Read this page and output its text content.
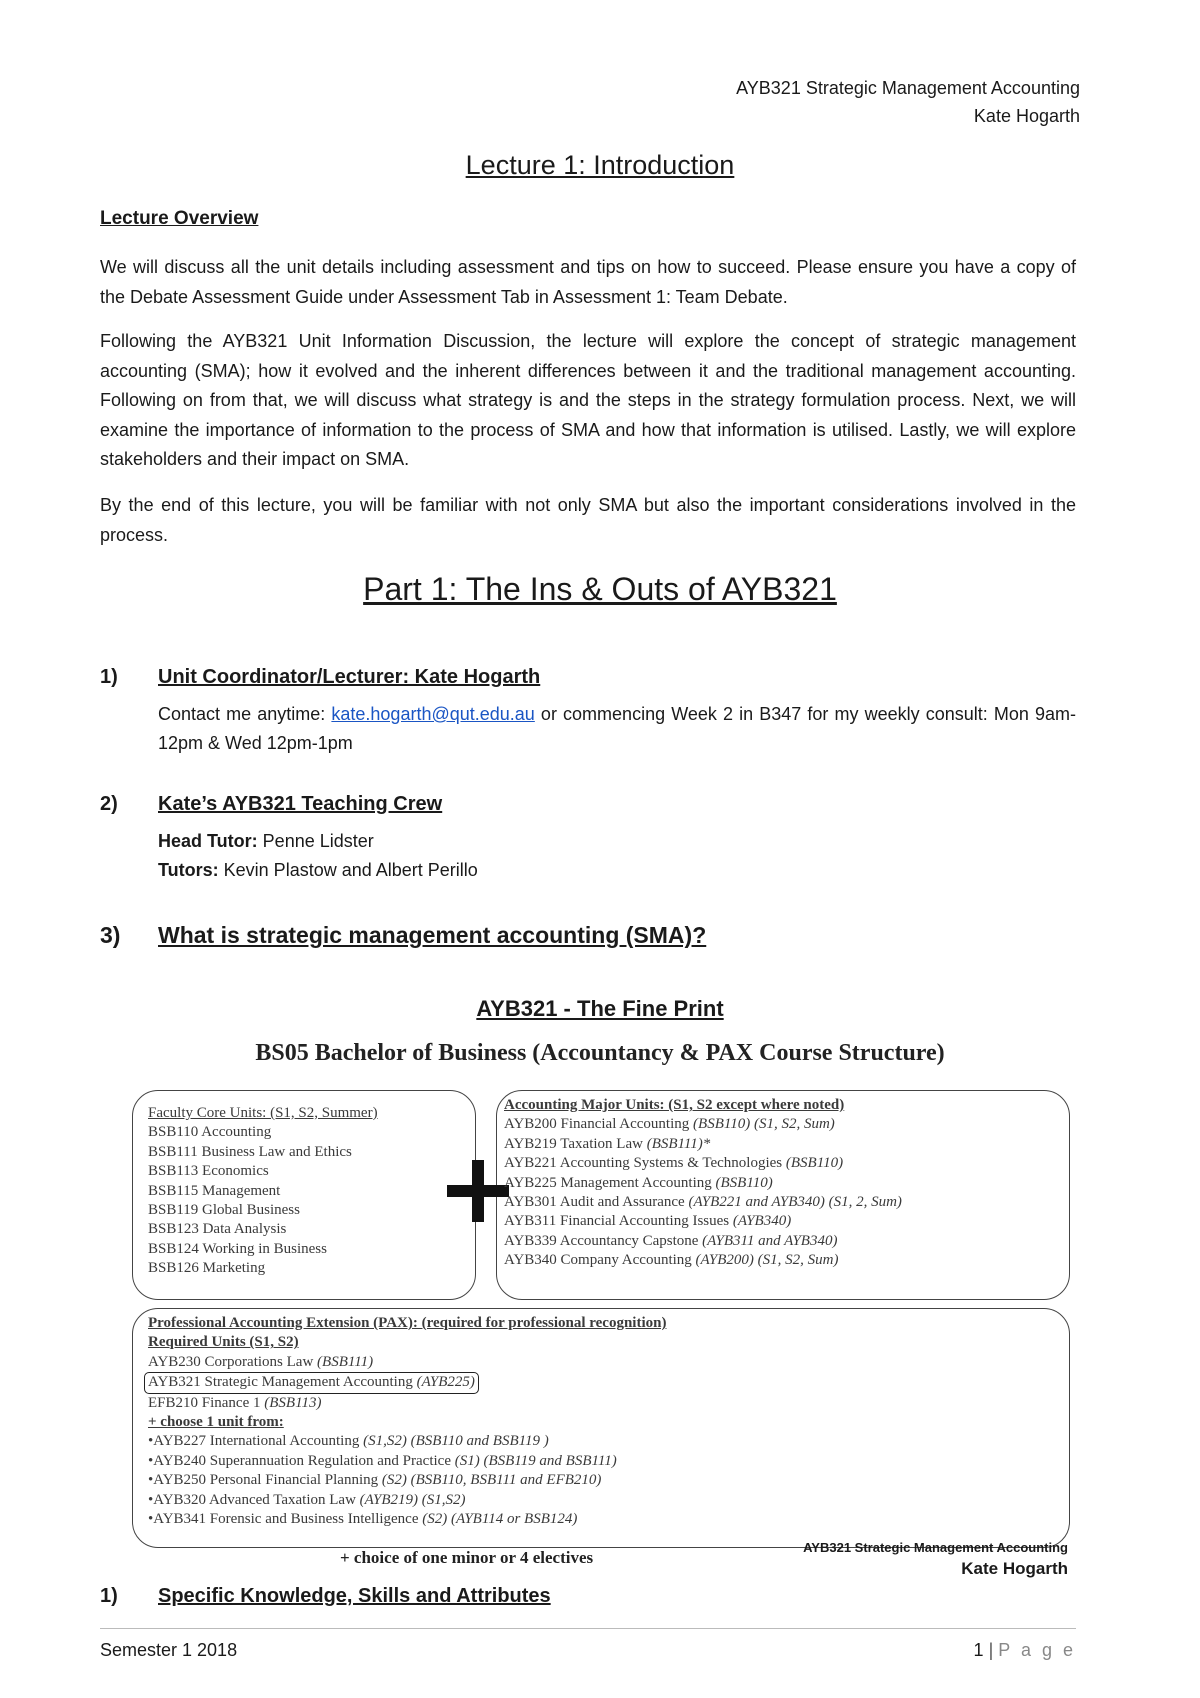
AYB321 Strategic Management Accounting
Kate Hogarth
Lecture 1: Introduction
Lecture Overview
We will discuss all the unit details including assessment and tips on how to succeed. Please ensure you have a copy of the Debate Assessment Guide under Assessment Tab in Assessment 1: Team Debate.
Following the AYB321 Unit Information Discussion, the lecture will explore the concept of strategic management accounting (SMA); how it evolved and the inherent differences between it and the traditional management accounting. Following on from that, we will discuss what strategy is and the steps in the strategy formulation process. Next, we will examine the importance of information to the process of SMA and how that information is utilised. Lastly, we will explore stakeholders and their impact on SMA.
By the end of this lecture, you will be familiar with not only SMA but also the important considerations involved in the process.
Part 1: The Ins & Outs of AYB321
1) Unit Coordinator/Lecturer: Kate Hogarth
Contact me anytime: kate.hogarth@qut.edu.au or commencing Week 2 in B347 for my weekly consult: Mon 9am-12pm & Wed 12pm-1pm
2) Kate’s AYB321 Teaching Crew
Head Tutor: Penne Lidster
Tutors: Kevin Plastow and Albert Perillo
3) What is strategic management accounting (SMA)?
AYB321 - The Fine Print
BS05 Bachelor of Business (Accountancy & PAX Course Structure)
Faculty Core Units: (S1, S2, Summer)
BSB110 Accounting
BSB111 Business Law and Ethics
BSB113 Economics
BSB115 Management
BSB119 Global Business
BSB123 Data Analysis
BSB124 Working in Business
BSB126 Marketing
Accounting Major Units: (S1, S2 except where noted)
AYB200 Financial Accounting (BSB110) (S1, S2, Sum)
AYB219 Taxation Law (BSB111)*
AYB221 Accounting Systems & Technologies (BSB110)
AYB225 Management Accounting (BSB110)
AYB301 Audit and Assurance (AYB221 and AYB340) (S1, 2, Sum)
AYB311 Financial Accounting Issues (AYB340)
AYB339 Accountancy Capstone (AYB311 and AYB340)
AYB340 Company Accounting (AYB200) (S1, S2, Sum)
Professional Accounting Extension (PAX): (required for professional recognition)
Required Units (S1, S2)
AYB230 Corporations Law (BSB111)
AYB321 Strategic Management Accounting (AYB225)
EFB210 Finance 1 (BSB113)
+ choose 1 unit from:
•AYB227 International Accounting (S1,S2) (BSB110 and BSB119 )
•AYB240 Superannuation Regulation and Practice (S1) (BSB119 and BSB111)
•AYB250 Personal Financial Planning (S2) (BSB110, BSB111 and EFB210)
•AYB320 Advanced Taxation Law (AYB219) (S1,S2)
•AYB341 Forensic and Business Intelligence (S2) (AYB114 or BSB124)
+ choice of one minor or 4 electives
AYB321 Strategic Management Accounting
Kate Hogarth
1) Specific Knowledge, Skills and Attributes
Semester 1 2018	1 | P a g e
